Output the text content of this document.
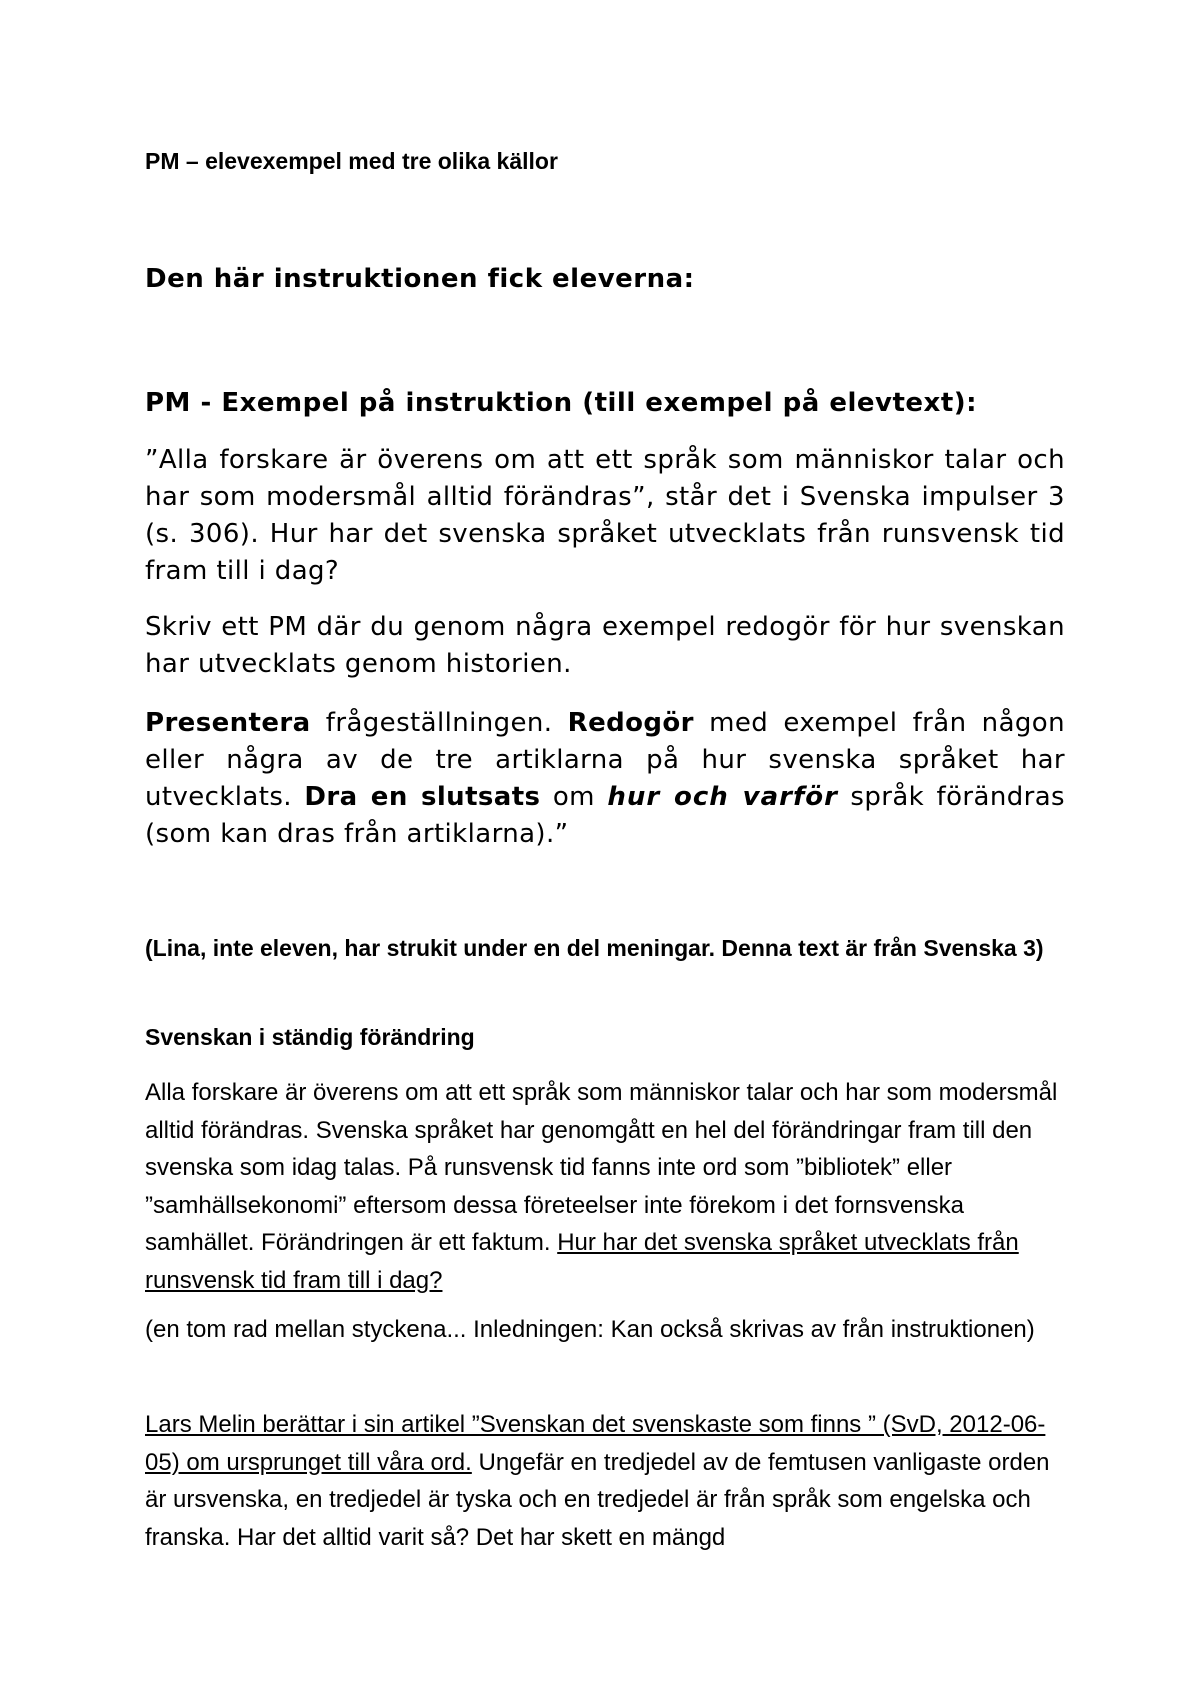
PM – elevexempel med tre olika källor
Den här instruktionen fick eleverna:
PM - Exempel på instruktion (till exempel på elevtext):

”Alla forskare är överens om att ett språk som människor talar och har som modersmål alltid förändras”, står det i Svenska impulser 3 (s. 306). Hur har det svenska språket utvecklats från runsvensk tid fram till i dag?

Skriv ett PM där du genom några exempel redogör för hur svenskan har utvecklats genom historien.

Presentera frågeställningen. Redogör med exempel från någon eller några av de tre artiklarna på hur svenska språket har utvecklats. Dra en slutsats om hur och varför språk förändras (som kan dras från artiklarna).”

(Lina, inte eleven, har strukit under en del meningar. Denna text är från Svenska 3)

Svenskan i ständig förändring

Alla forskare är överens om att ett språk som människor talar och har som modersmål alltid förändras. Svenska språket har genomgått en hel del förändringar fram till den svenska som idag talas. På runsvensk tid fanns inte ord som ”bibliotek” eller ”samhällsekonomi” eftersom dessa företeelser inte förekom i det fornsvenska samhället. Förändringen är ett faktum. Hur har det svenska språket utvecklats från runsvensk tid fram till i dag?

(en tom rad mellan styckena... Inledningen: Kan också skrivas av från instruktionen)

Lars Melin berättar i sin artikel ”Svenskan det svenskaste som finns ” (SvD, 2012-06-05) om ursprunget till våra ord. Ungefär en tredjedel av de femtusen vanligaste orden är ursvenska, en tredjedel är tyska och en tredjedel är från språk som engelska och franska. Har det alltid varit så? Det har skett en mängd
